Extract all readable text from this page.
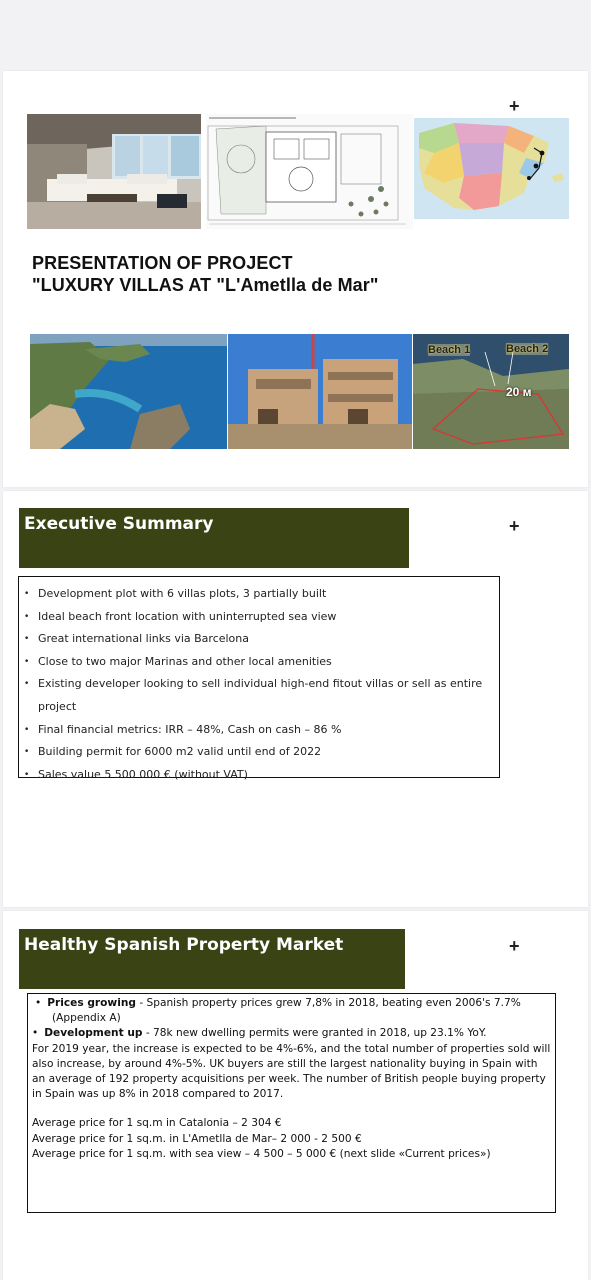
+
PRESENTATION OF PROJECT
"LUXURY VILLAS AT "L'Ametlla de Mar"
Beach 1	Beach 2
20 м
+
Executive Summary
• Development plot with 6 villas plots, 3 partially built
• Ideal beach front location with uninterrupted sea view
• Great international links via Barcelona
• Close to two major Marinas and other local amenities
• Existing developer looking to sell individual high-end fitout villas or sell as entire project
• Final financial metrics: IRR – 48%, Cash on cash – 86 %
• Building permit for 6000 m2 valid until end of 2022
• Sales value 5 500 000 € (without VAT)
+
Healthy Spanish Property Market
• Prices growing - Spanish property prices grew 7,8% in 2018, beating even 2006's 7.7%
(Appendix A)
• Development up - 78k new dwelling permits were granted in 2018, up 23.1% YoY.
For 2019 year, the increase is expected to be 4%-6%, and the total number of properties sold will also increase, by around 4%-5%. UK buyers are still the largest nationality buying in Spain with an average of 192 property acquisitions per week. The number of British people buying property in Spain was up 8% in 2018 compared to 2017.
Average price for 1 sq.m in Catalonia – 2 304 €
Average price for 1 sq.m. in L'Ametlla de Mar– 2 000 - 2 500 €
Average price for 1 sq.m. with sea view – 4 500 – 5 000 € (next slide «Current prices»)
